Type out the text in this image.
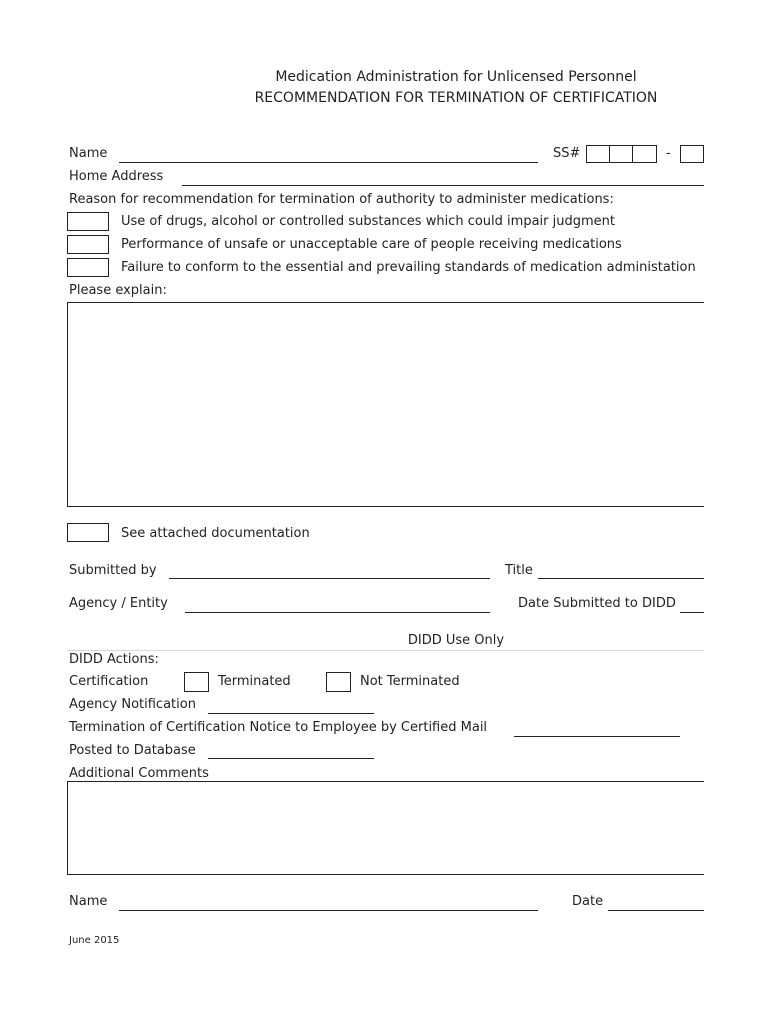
Medication Administration for Unlicensed Personnel
RECOMMENDATION FOR TERMINATION OF CERTIFICATION
Name	SS#	-
Home Address
Reason for recommendation for termination of authority to administer medications:
Use of drugs, alcohol or controlled substances which could impair judgment
Performance of unsafe or unacceptable care of people receiving medications
Failure to conform to the essential and prevailing standards of medication administation
Please explain:
See attached documentation
Submitted by	Title
Agency / Entity	Date Submitted to DIDD
DIDD Use Only
DIDD Actions:
Certification	Terminated	Not Terminated
Agency Notification
Termination of Certification Notice to Employee by Certified Mail
Posted to Database
Additional Comments
Name	Date
June 2015
